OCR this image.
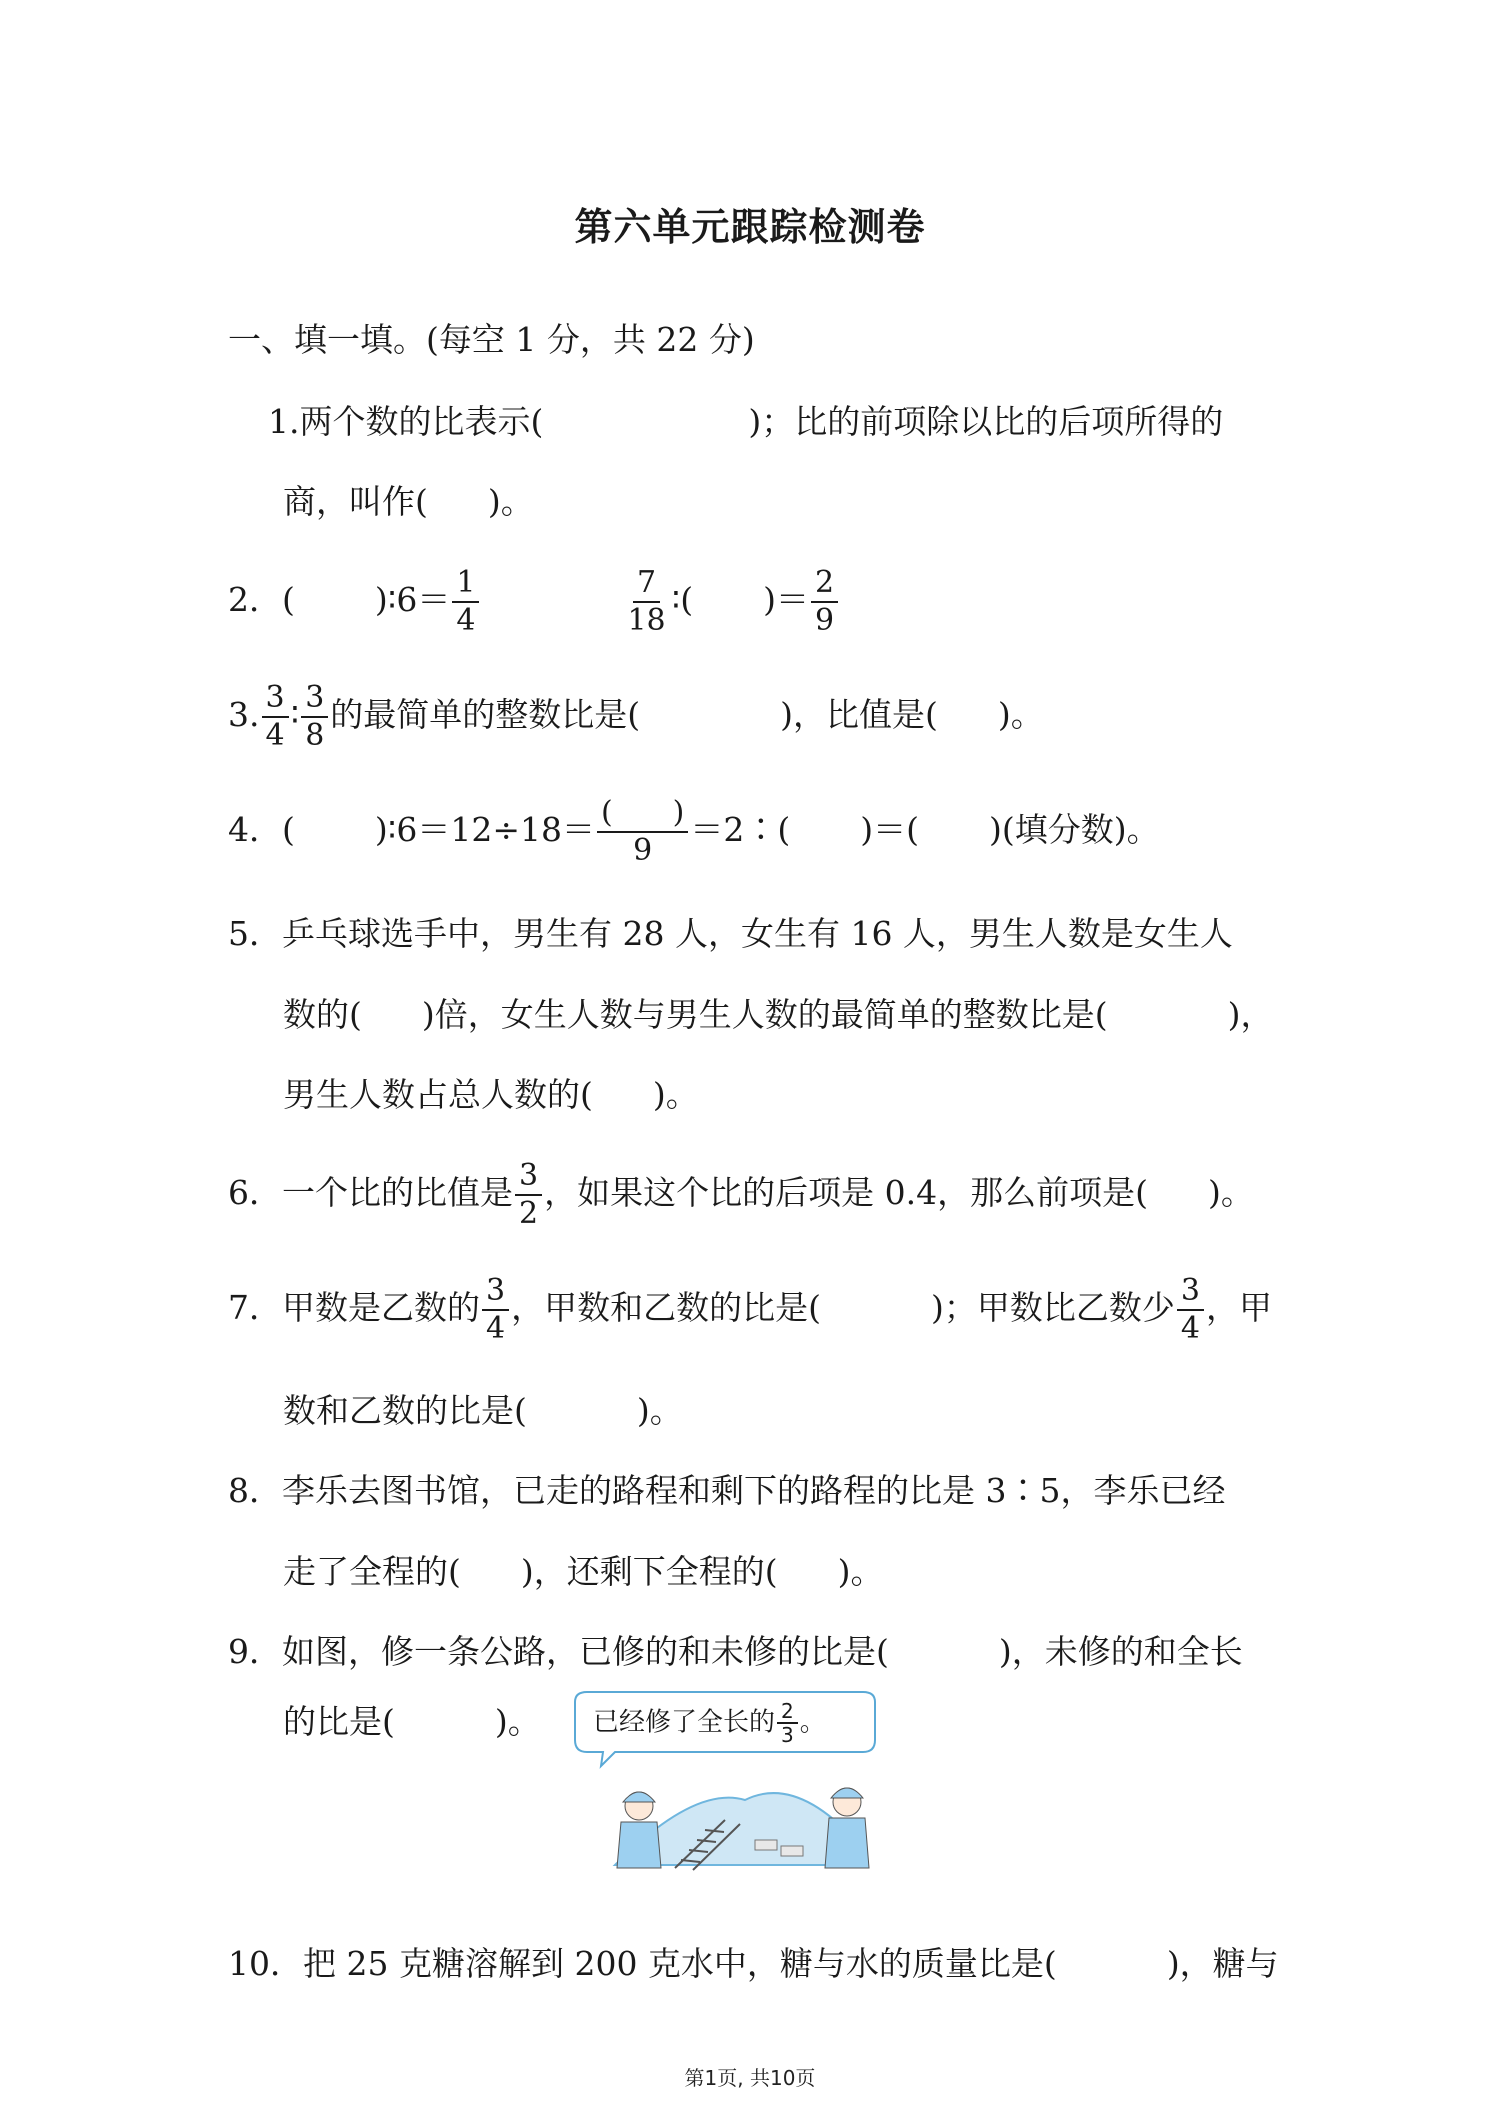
第六单元跟踪检测卷
一、填一填。(每空 1 分，共 22 分)
1.两个数的比表示(	)；比的前项除以比的后项所得的
商，叫作( )。
2．( )∶6＝ $\frac{1}{4}$	$\frac{7}{18}$ ∶( )＝ $\frac{2}{9}$
3. $\frac{3}{4}$ ∶ $\frac{3}{8}$ 的最简单的整数比是(	)，比值是( )。
4．( )∶6＝12÷18＝ $\frac{( )}{9}$ ＝2∶( )＝( )(填分数)。
5．乒乓球选手中，男生有 28 人，女生有 16 人，男生人数是女生人
数的( )倍，女生人数与男生人数的最简单的整数比是(	)，
男生人数占总人数的( )。
6．一个比的比值是 $\frac{3}{2}$ ，如果这个比的后项是 0.4，那么前项是( )。
7．甲数是乙数的 $\frac{3}{4}$ ，甲数和乙数的比是(	)；甲数比乙数少 $\frac{3}{4}$ ，甲
数和乙数的比是(	)。
8．李乐去图书馆，已走的路程和剩下的路程的比是 3∶5，李乐已经
走了全程的( )，还剩下全程的( )。
9．如图，修一条公路，已修的和未修的比是(	)，未修的和全长
的比是(	)。 已经修了全长的 $\frac{2}{3}$ 。
10．把 25 克糖溶解到 200 克水中，糖与水的质量比是(	)，糖与
第1页, 共10页
